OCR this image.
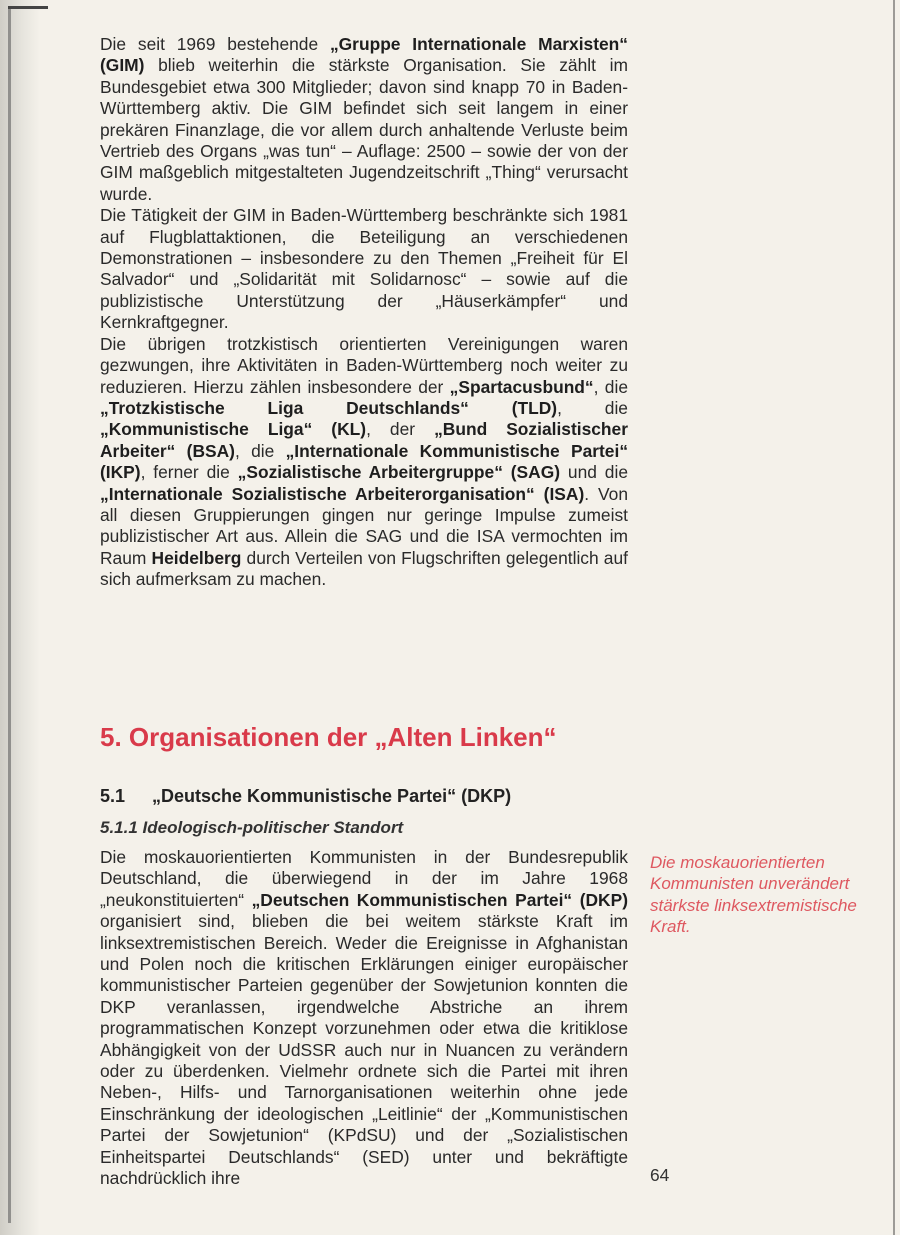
Die seit 1969 bestehende „Gruppe Internationale Marxisten“ (GIM) blieb weiterhin die stärkste Organisation. Sie zählt im Bundesgebiet etwa 300 Mitglieder; davon sind knapp 70 in Baden-Württemberg aktiv. Die GIM befindet sich seit langem in einer prekären Finanzlage, die vor allem durch anhaltende Verluste beim Vertrieb des Organs „was tun“ – Auflage: 2500 – sowie der von der GIM maßgeblich mitgestalteten Jugendzeitschrift „Thing“ verursacht wurde.

Die Tätigkeit der GIM in Baden-Württemberg beschränkte sich 1981 auf Flugblattaktionen, die Beteiligung an verschiedenen Demonstrationen – insbesondere zu den Themen „Freiheit für El Salvador“ und „Solidarität mit Solidarnosc“ – sowie auf die publizistische Unterstützung der „Häuserkämpfer“ und Kernkraftgegner.

Die übrigen trotzkistisch orientierten Vereinigungen waren gezwungen, ihre Aktivitäten in Baden-Württemberg noch weiter zu reduzieren. Hierzu zählen insbesondere der „Spartacusbund“, die „Trotzkistische Liga Deutschlands“ (TLD), die „Kommunistische Liga“ (KL), der „Bund Sozialistischer Arbeiter“ (BSA), die „Internationale Kommunistische Partei“ (IKP), ferner die „Sozialistische Arbeitergruppe“ (SAG) und die „Internationale Sozialistische Arbeiterorganisation“ (ISA). Von all diesen Gruppierungen gingen nur geringe Impulse zumeist publizistischer Art aus. Allein die SAG und die ISA vermochten im Raum Heidelberg durch Verteilen von Flugschriften gelegentlich auf sich aufmerksam zu machen.

5. Organisationen der „Alten Linken“
5.1 „Deutsche Kommunistische Partei“ (DKP)
5.1.1 Ideologisch-politischer Standort

Die moskauorientierten Kommunisten in der Bundesrepublik Deutschland, die überwiegend in der im Jahre 1968 „neukonstituierten“ „Deutschen Kommunistischen Partei“ (DKP) organisiert sind, blieben die bei weitem stärkste Kraft im linksextremistischen Bereich. Weder die Ereignisse in Afghanistan und Polen noch die kritischen Erklärungen einiger europäischer kommunistischer Parteien gegenüber der Sowjetunion konnten die DKP veranlassen, irgendwelche Abstriche an ihrem programmatischen Konzept vorzunehmen oder etwa die kritiklose Abhängigkeit von der UdSSR auch nur in Nuancen zu verändern oder zu überdenken. Vielmehr ordnete sich die Partei mit ihren Neben-, Hilfs- und Tarnorganisationen weiterhin ohne jede Einschränkung der ideologischen „Leitlinie“ der „Kommunistischen Partei der Sowjetunion“ (KPdSU) und der „Sozialistischen Einheitspartei Deutschlands“ (SED) unter und bekräftigte nachdrücklich ihre

Die moskauorientierten Kommunisten unverändert stärkste linksextremistische Kraft.
64
